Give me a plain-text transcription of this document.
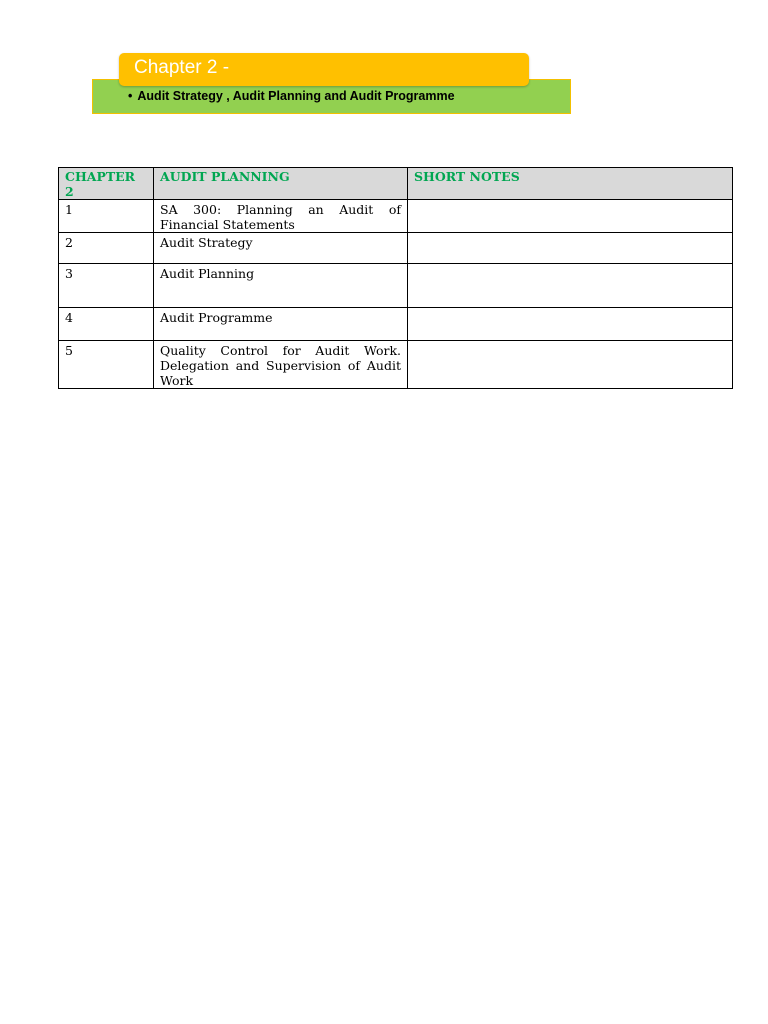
• Audit Strategy , Audit Planning and Audit Programme
Chapter 2 -
CHAPTER 2	AUDIT PLANNING	SHORT NOTES
1	SA 300: Planning an Audit of Financial Statements	
2	Audit Strategy	
3	Audit Planning	
4	Audit Programme	
5	Quality Control for Audit Work. Delegation and Supervision of Audit Work	
